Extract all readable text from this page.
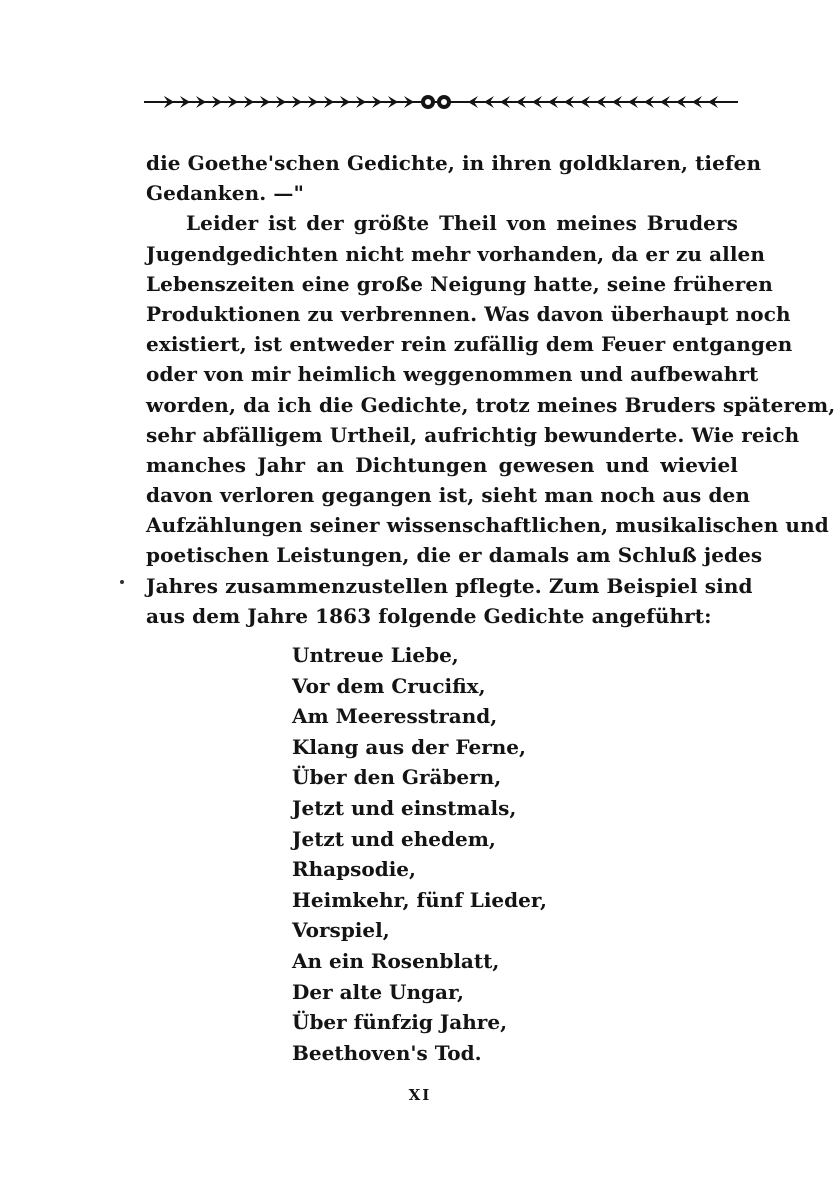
die Goethe'schen Gedichte, in ihren goldklaren, tiefen
Gedanken. —"
Leider ist der größte Theil von meines Bruders
Jugendgedichten nicht mehr vorhanden, da er zu allen
Lebenszeiten eine große Neigung hatte, seine früheren
Produktionen zu verbrennen. Was davon überhaupt noch
existiert, ist entweder rein zufällig dem Feuer entgangen
oder von mir heimlich weggenommen und aufbewahrt
worden, da ich die Gedichte, trotz meines Bruders späterem,
sehr abfälligem Urtheil, aufrichtig bewunderte. Wie reich
manches Jahr an Dichtungen gewesen und wieviel
davon verloren gegangen ist, sieht man noch aus den
Aufzählungen seiner wissenschaftlichen, musikalischen und
poetischen Leistungen, die er damals am Schluß jedes
Jahres zusammenzustellen pflegte. Zum Beispiel sind
aus dem Jahre 1863 folgende Gedichte angeführt:
Untreue Liebe,
Vor dem Crucifix,
Am Meeresstrand,
Klang aus der Ferne,
Über den Gräbern,
Jetzt und einstmals,
Jetzt und ehedem,
Rhapsodie,
Heimkehr, fünf Lieder,
Vorspiel,
An ein Rosenblatt,
Der alte Ungar,
Über fünfzig Jahre,
Beethoven's Tod.
XI
